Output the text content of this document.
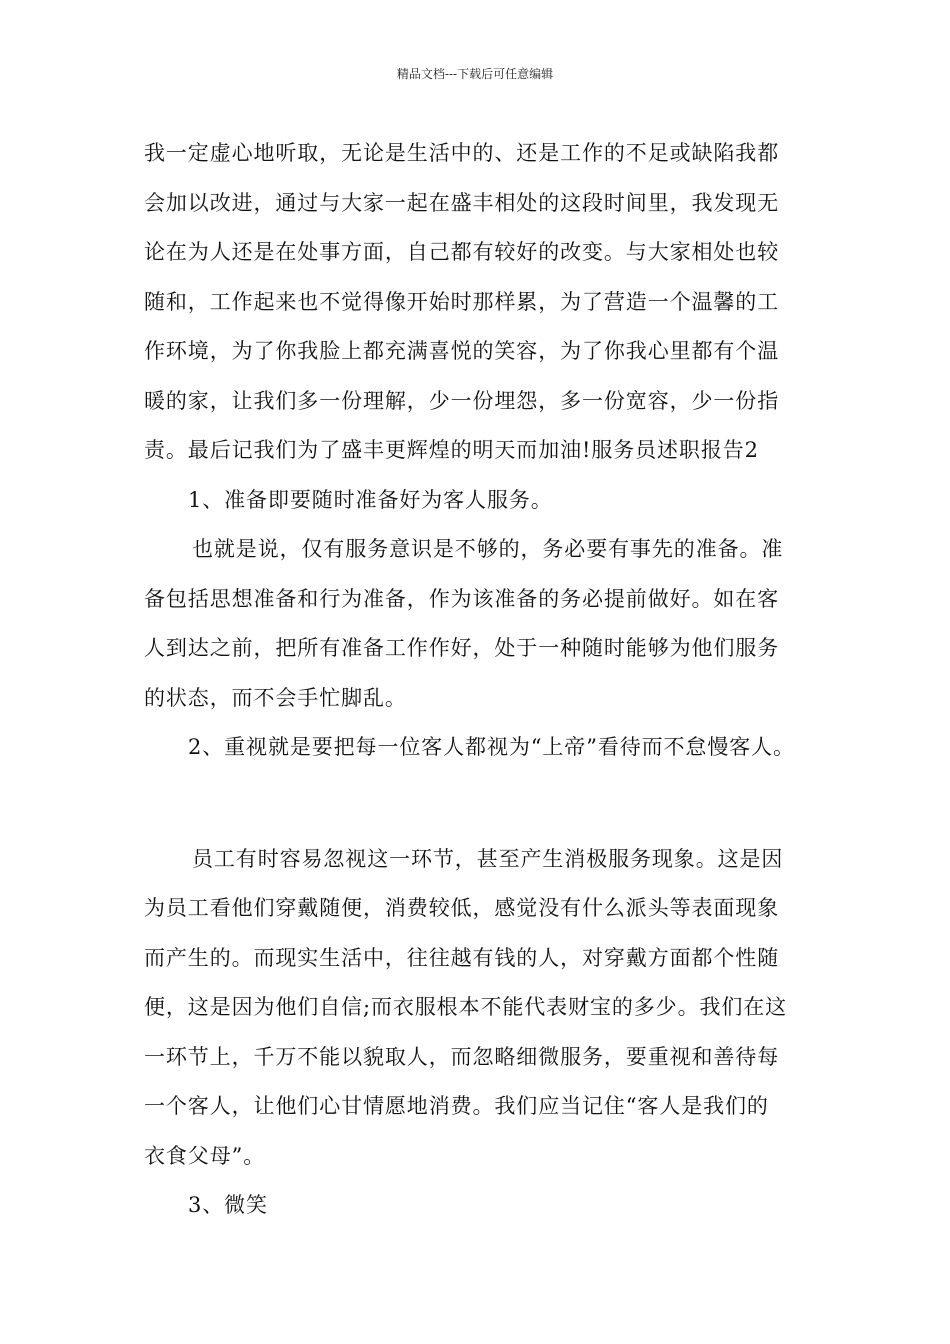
精品文档---下载后可任意编辑
我一定虚心地听取，无论是生活中的、还是工作的不足或缺陷我都
会加以改进，通过与大家一起在盛丰相处的这段时间里，我发现无
论在为人还是在处事方面，自己都有较好的改变。与大家相处也较
随和，工作起来也不觉得像开始时那样累，为了营造一个温馨的工
作环境，为了你我脸上都充满喜悦的笑容，为了你我心里都有个温
暖的家，让我们多一份理解，少一份埋怨，多一份宽容，少一份指
责。最后记我们为了盛丰更辉煌的明天而加油!服务员述职报告2
1、准备即要随时准备好为客人服务。
也就是说，仅有服务意识是不够的，务必要有事先的准备。准
备包括思想准备和行为准备，作为该准备的务必提前做好。如在客
人到达之前，把所有准备工作作好，处于一种随时能够为他们服务
的状态，而不会手忙脚乱。
2、重视就是要把每一位客人都视为“上帝”看待而不怠慢客人。
员工有时容易忽视这一环节，甚至产生消极服务现象。这是因
为员工看他们穿戴随便，消费较低，感觉没有什么派头等表面现象
而产生的。而现实生活中，往往越有钱的人，对穿戴方面都个性随
便，这是因为他们自信;而衣服根本不能代表财宝的多少。我们在这
一环节上，千万不能以貌取人，而忽略细微服务，要重视和善待每
一个客人，让他们心甘情愿地消费。我们应当记住“客人是我们的
衣食父母”。
3、微笑
